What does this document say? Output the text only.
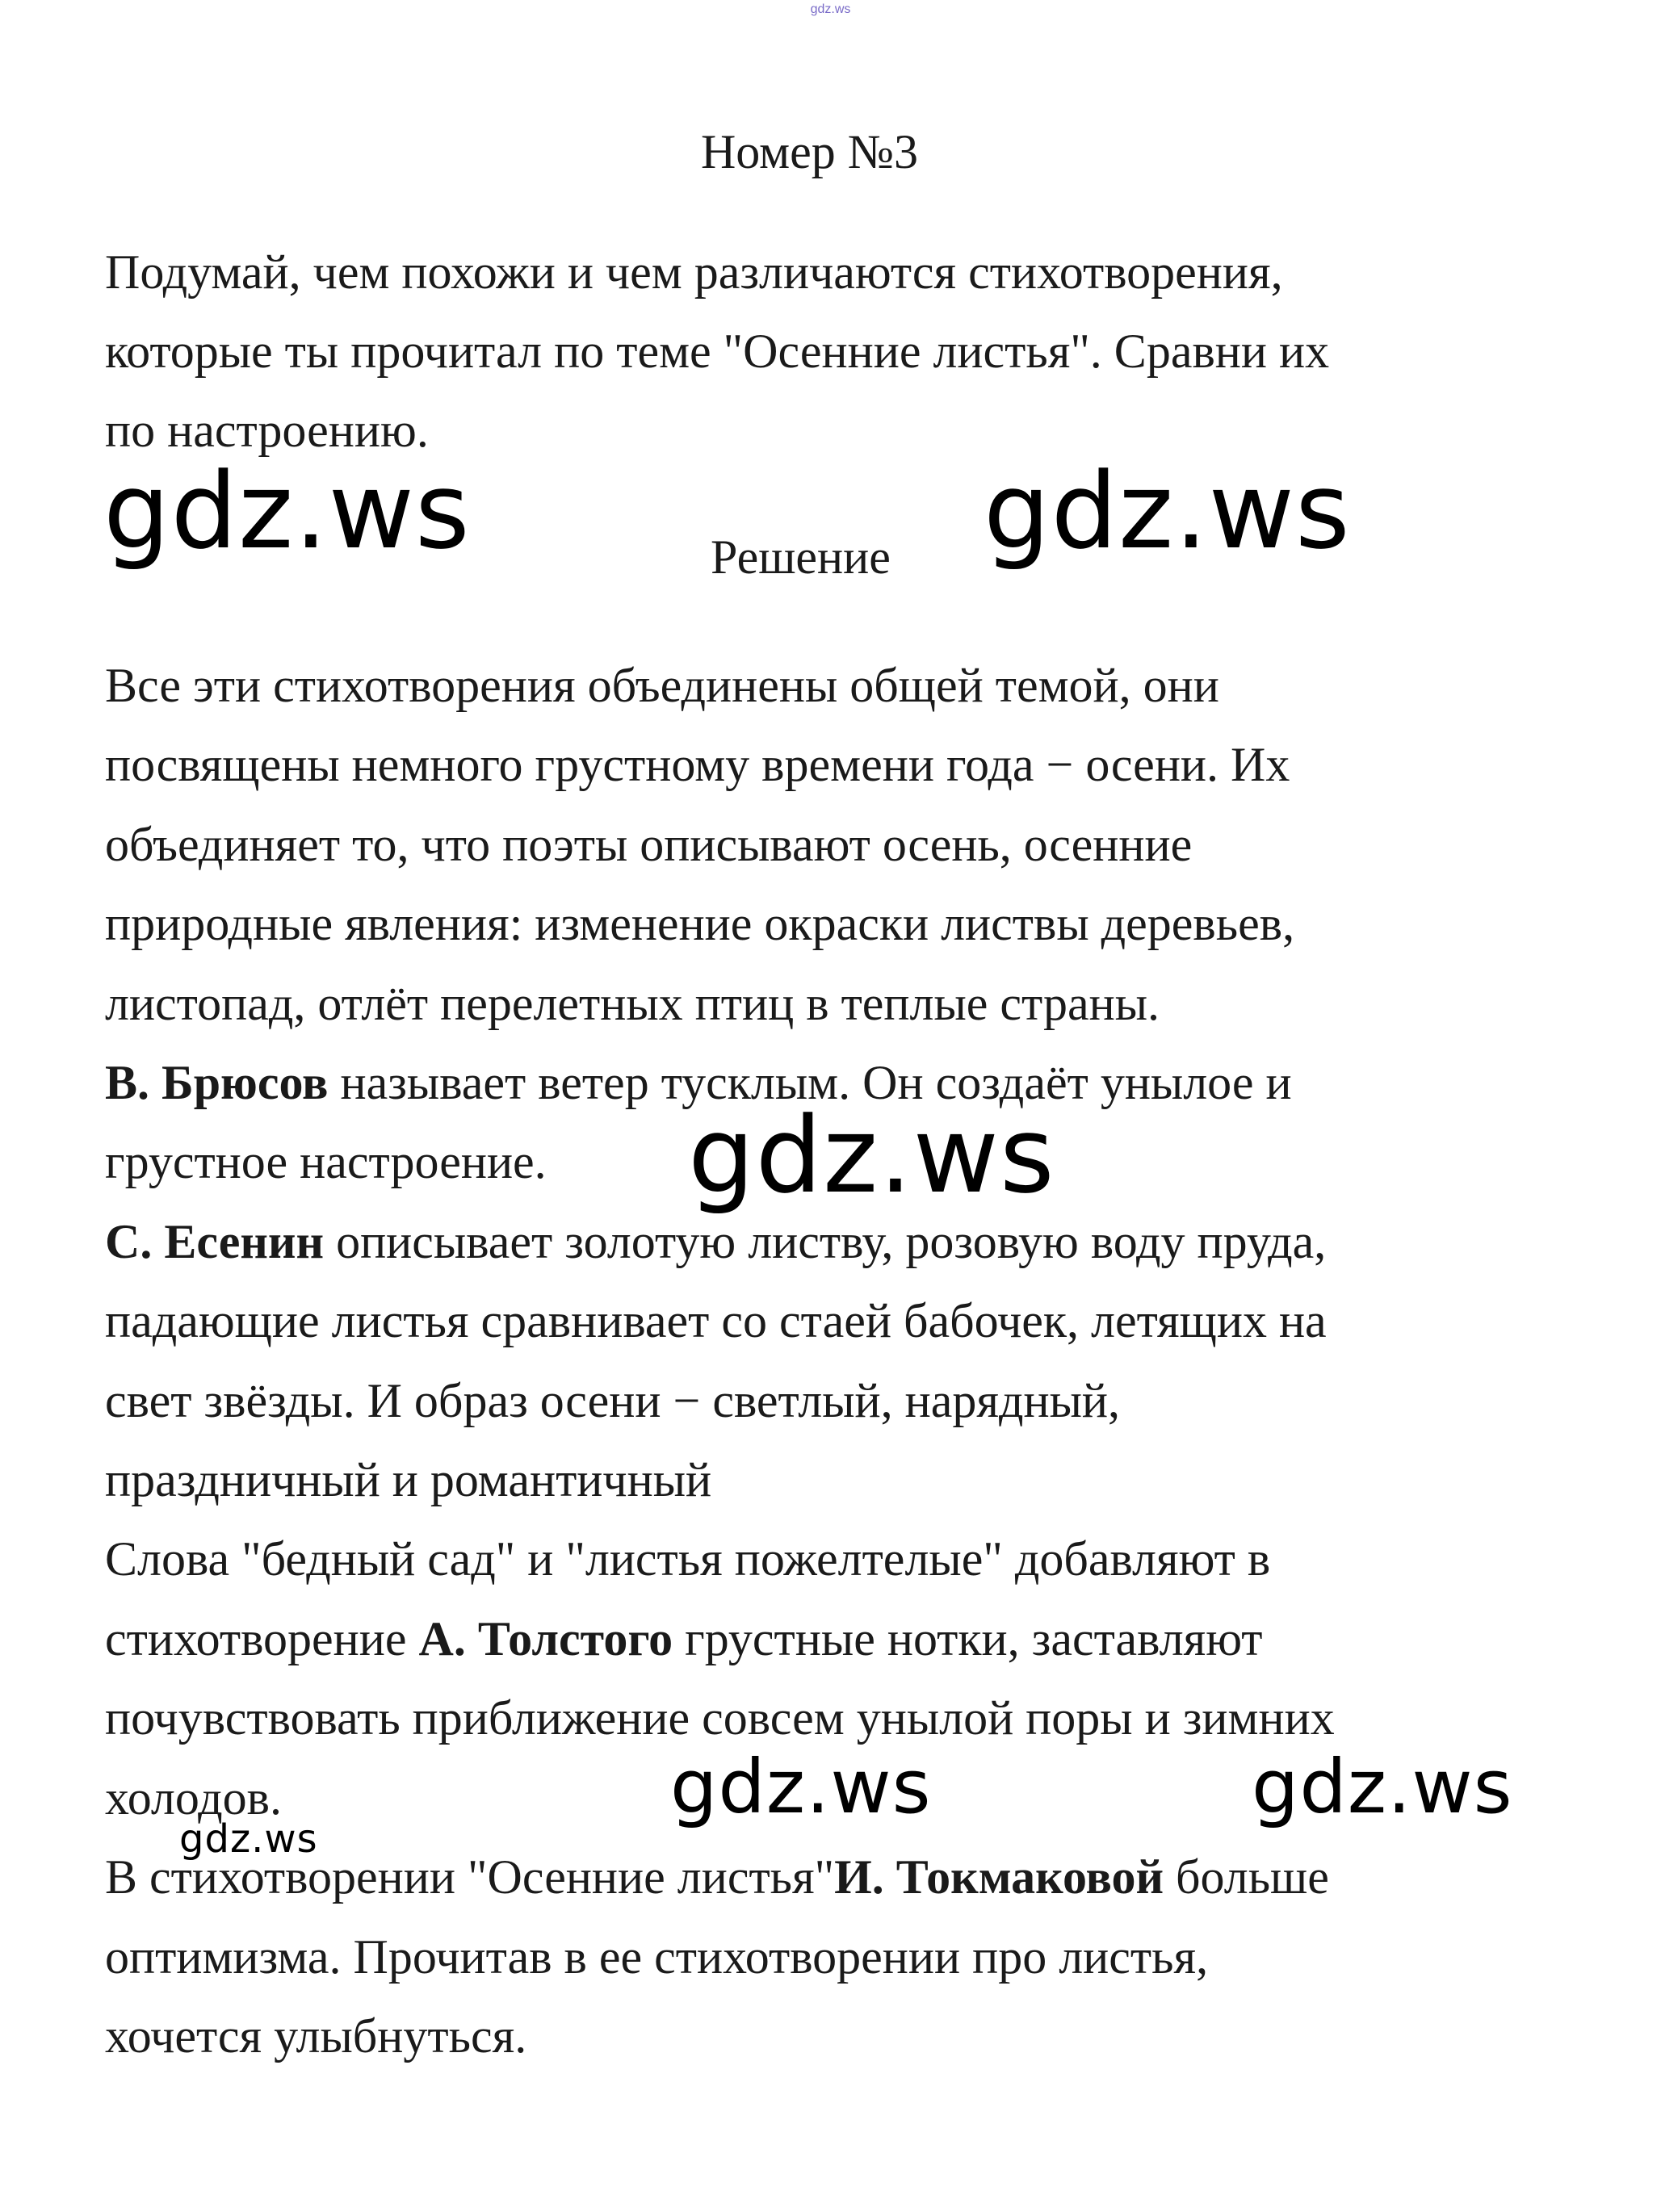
gdz.ws
Номер №3
Подумай, чем похожи и чем различаются стихотворения,
которые ты прочитал по теме "Осенние листья". Сравни их
по настроению.
Решение
Все эти стихотворения объединены общей темой, они
посвящены немного грустному времени года − осени. Их
объединяет то, что поэты описывают осень, осенние
природные явления: изменение окраски листвы деревьев,
листопад, отлёт перелетных птиц в теплые страны.
В. Брюсов называет ветер тусклым. Он создаёт унылое и
грустное настроение.
С. Есенин описывает золотую листву, розовую воду пруда,
падающие листья сравнивает со стаей бабочек, летящих на
свет звёзды. И образ осени − светлый, нарядный,
праздничный и романтичный
Слова "бедный сад" и "листья пожелтелые" добавляют в
стихотворение А. Толстого грустные нотки, заставляют
почувствовать приближение совсем унылой поры и зимних
холодов.
В стихотворении "Осенние листья"И. Токмаковой больше
оптимизма. Прочитав в ее стихотворении про листья,
хочется улыбнуться.
gdz.ws	gdz.ws
gdz.ws
gdz.ws	gdz.ws
gdz.ws
